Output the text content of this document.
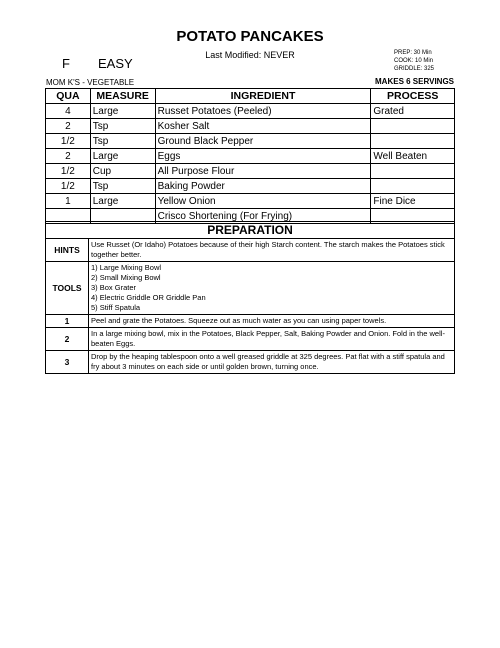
POTATO PANCAKES
Last Modified: NEVER
F EASY
PREP: 30 Min
COOK: 10 Min
GRIDDLE: 325
MOM K'S - VEGETABLE	MAKES 6 SERVINGS
QUA	MEASURE	INGREDIENT	PROCESS
4	Large	Russet Potatoes (Peeled)	Grated
2	Tsp	Kosher Salt	
1/2	Tsp	Ground Black Pepper	
2	Large	Eggs	Well Beaten
1/2	Cup	All Purpose Flour	
1/2	Tsp	Baking Powder	
1	Large	Yellow Onion	Fine Dice
		Crisco Shortening (For Frying)	
PREPARATION	
HINTS	Use Russet (Or Idaho) Potatoes because of their high Starch content. The starch makes the Potatoes stick together better.
TOOLS	1) Large Mixing Bowl
2) Small Mixing Bowl
3) Box Grater
4) Electric Griddle OR Griddle Pan
5) Stiff Spatula

1	Peel and grate the Potatoes. Squeeze out as much water as you can using paper towels.
2	In a large mixing bowl, mix in the Potatoes, Black Pepper, Salt, Baking Powder and Onion. Fold in the well-beaten Eggs.
3	Drop by the heaping tablespoon onto a well greased griddle at 325 degrees. Pat flat with a stiff spatula and fry about 3 minutes on each side or until golden brown, turning once.
